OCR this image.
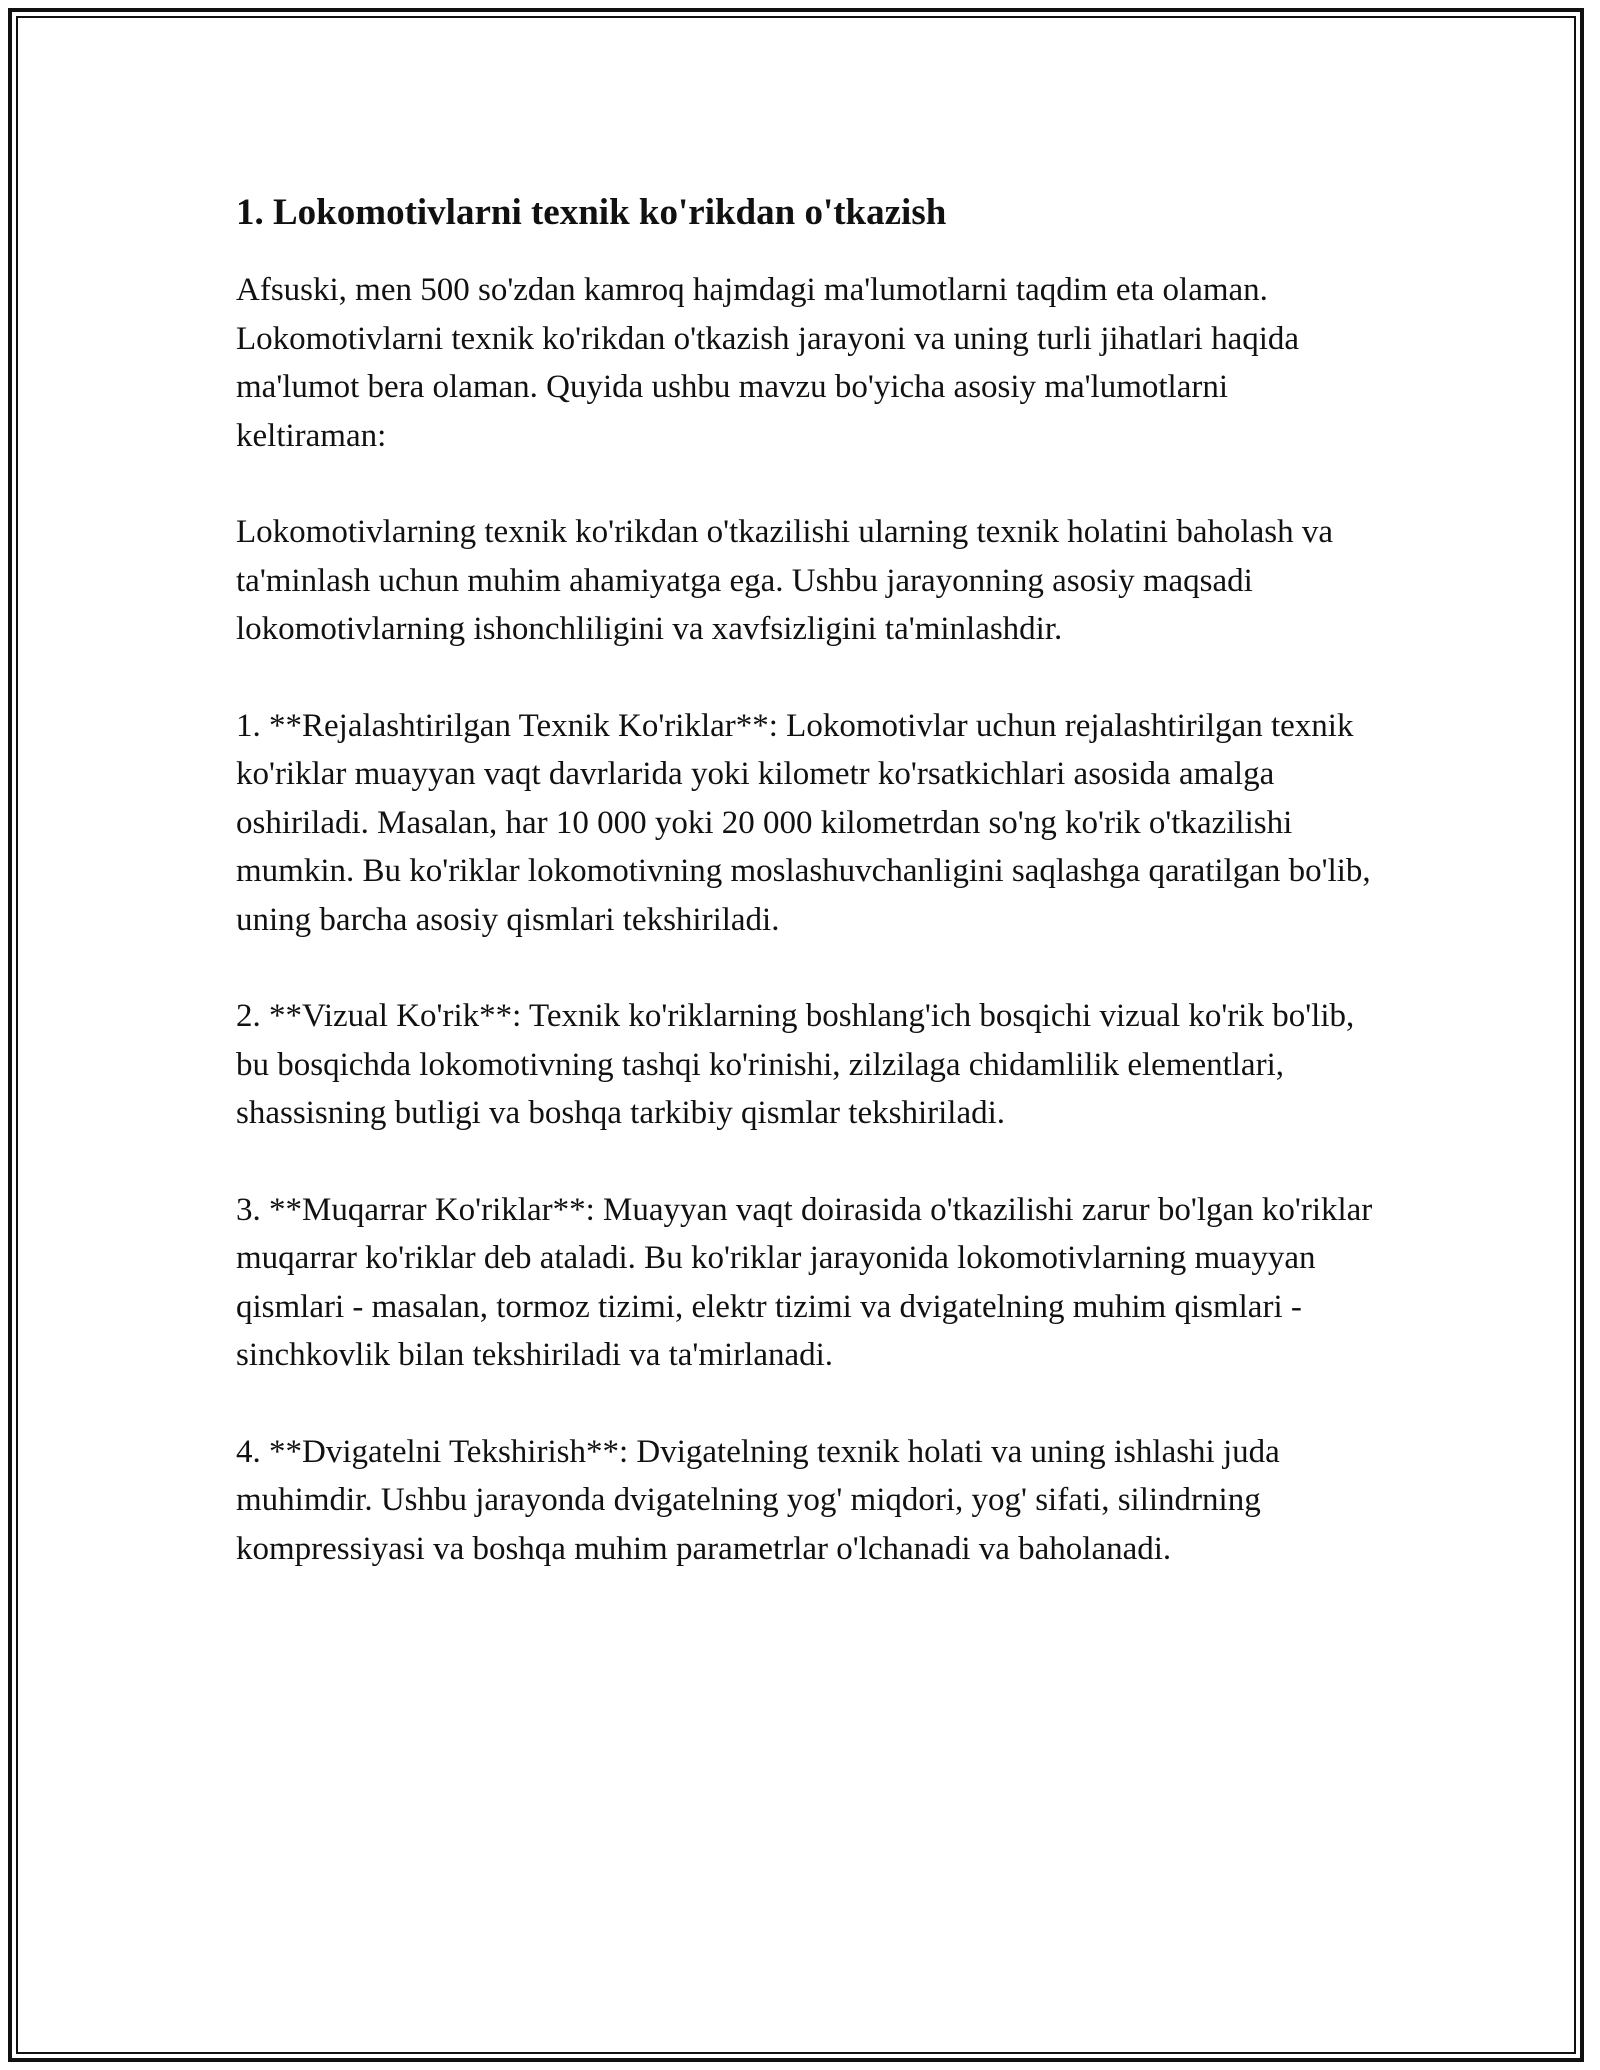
1. Lokomotivlarni texnik ko'rikdan o'tkazish

Afsuski, men 500 so'zdan kamroq hajmdagi ma'lumotlarni taqdim eta olaman. Lokomotivlarni texnik ko'rikdan o'tkazish jarayoni va uning turli jihatlari haqida ma'lumot bera olaman. Quyida ushbu mavzu bo'yicha asosiy ma'lumotlarni keltiraman:

Lokomotivlarning texnik ko'rikdan o'tkazilishi ularning texnik holatini baholash va ta'minlash uchun muhim ahamiyatga ega. Ushbu jarayonning asosiy maqsadi lokomotivlarning ishonchliligini va xavfsizligini ta'minlashdir.

1. **Rejalashtirilgan Texnik Ko'riklar**: Lokomotivlar uchun rejalashtirilgan texnik ko'riklar muayyan vaqt davrlarida yoki kilometr ko'rsatkichlari asosida amalga oshiriladi. Masalan, har 10 000 yoki 20 000 kilometrdan so'ng ko'rik o'tkazilishi mumkin. Bu ko'riklar lokomotivning moslashuvchanligini saqlashga qaratilgan bo'lib, uning barcha asosiy qismlari tekshiriladi.

2. **Vizual Ko'rik**: Texnik ko'riklarning boshlang'ich bosqichi vizual ko'rik bo'lib, bu bosqichda lokomotivning tashqi ko'rinishi, zilzilaga chidamlilik elementlari, shassisning butligi va boshqa tarkibiy qismlar tekshiriladi.

3. **Muqarrar Ko'riklar**: Muayyan vaqt doirasida o'tkazilishi zarur bo'lgan ko'riklar muqarrar ko'riklar deb ataladi. Bu ko'riklar jarayonida lokomotivlarning muayyan qismlari - masalan, tormoz tizimi, elektr tizimi va dvigatelning muhim qismlari - sinchkovlik bilan tekshiriladi va ta'mirlanadi.

4. **Dvigatelni Tekshirish**: Dvigatelning texnik holati va uning ishlashi juda muhimdir. Ushbu jarayonda dvigatelning yog' miqdori, yog' sifati, silindrning kompressiyasi va boshqa muhim parametrlar o'lchanadi va baholanadi.
